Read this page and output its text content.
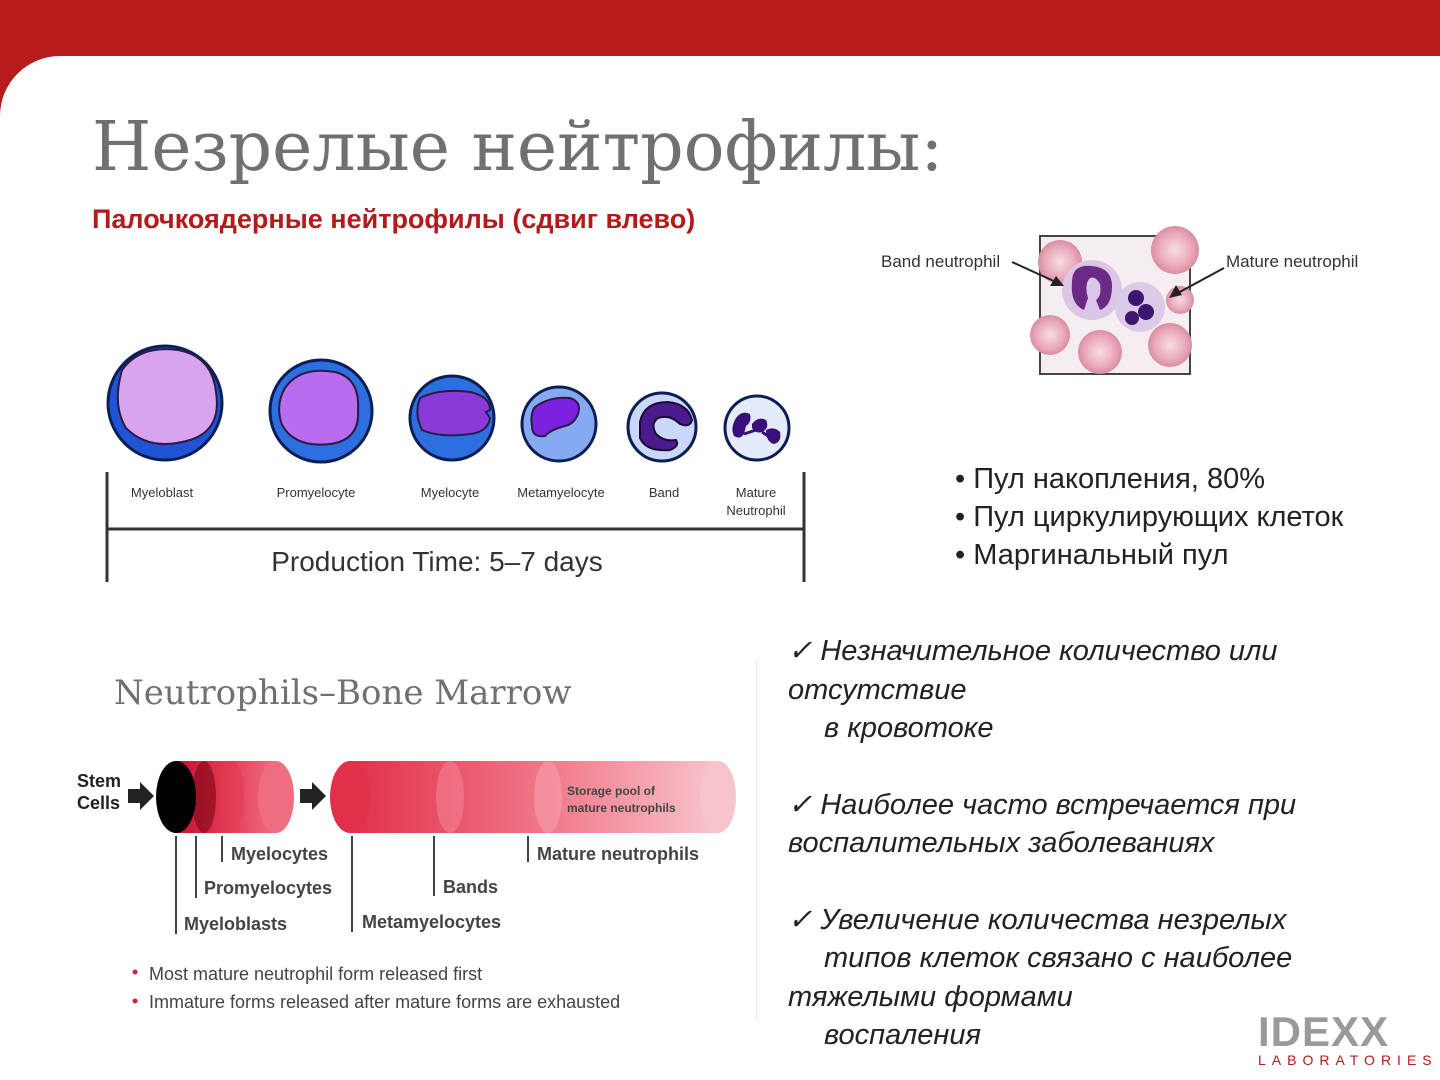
Незрелые нейтрофилы:
Палочкоядерные нейтрофилы (сдвиг влево)
Myeloblast	Promyelocyte	Myelocyte	Metamyelocyte	Band	Mature
Neutrophil
Production Time: 5–7 days
Band neutrophil	Mature neutrophil
Neutrophils–Bone Marrow
Stem
Cells
Storage pool of
mature neutrophils
Myelocytes
Promyelocytes
Myeloblasts	Metamyelocytes
Bands
Mature neutrophils
Most mature neutrophil form released first
Immature forms released after mature forms are exhausted
• Пул накопления, 80%
• Пул циркулирующих клеток
• Маргинальный пул
✓ Незначительное количество или
отсутствие
в кровотоке
✓ Наиболее часто встречается при
воспалительных заболеваниях
✓ Увеличение количества незрелых
типов клеток связано с наиболее
тяжелыми формами
воспаления	IDEXX
LABORATORIES
